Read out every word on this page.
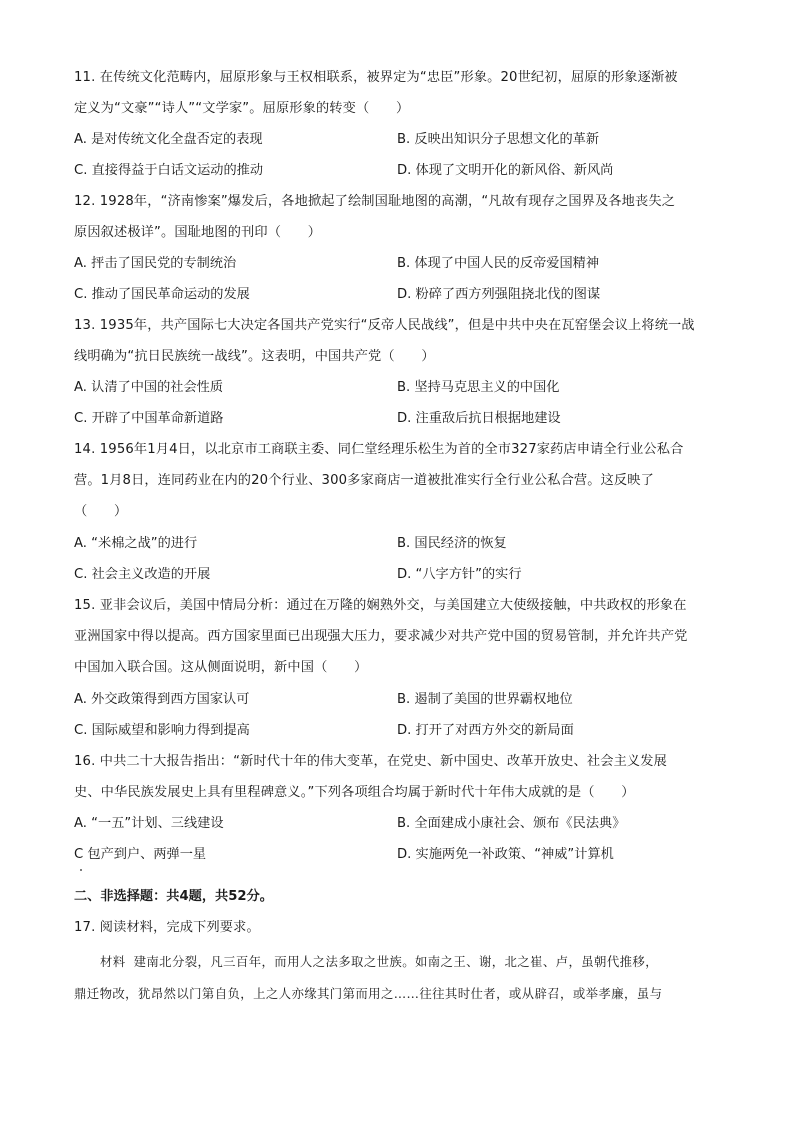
11. 在传统文化范畴内，屈原形象与王权相联系，被界定为“忠臣”形象。20世纪初，屈原的形象逐渐被

定义为“文豪”“诗人”“文学家”。屈原形象的转变（　　）

A. 是对传统文化全盘否定的表现	B. 反映出知识分子思想文化的革新
C. 直接得益于白话文运动的推动	D. 体现了文明开化的新风俗、新风尚

12. 1928年，“济南惨案”爆发后，各地掀起了绘制国耻地图的高潮，“凡故有现存之国界及各地丧失之

原因叙述极详”。国耻地图的刊印（　　）

A. 抨击了国民党的专制统治	B. 体现了中国人民的反帝爱国精神
C. 推动了国民革命运动的发展	D. 粉碎了西方列强阻挠北伐的图谋

13. 1935年，共产国际七大决定各国共产党实行“反帝人民战线”，但是中共中央在瓦窑堡会议上将统一战

线明确为“抗日民族统一战线”。这表明，中国共产党（　　）

A. 认清了中国的社会性质	B. 坚持马克思主义的中国化
C. 开辟了中国革命新道路	D. 注重敌后抗日根据地建设

14. 1956年1月4日，以北京市工商联主委、同仁堂经理乐松生为首的全市327家药店申请全行业公私合

营。1月8日，连同药业在内的20个行业、300多家商店一道被批准实行全行业公私合营。这反映了

（　　）

A. “米棉之战”的进行	B. 国民经济的恢复
C. 社会主义改造的开展	D. “八字方针”的实行

15. 亚非会议后，美国中情局分析：通过在万隆的娴熟外交，与美国建立大使级接触，中共政权的形象在

亚洲国家中得以提高。西方国家里面已出现强大压力，要求减少对共产党中国的贸易管制，并允许共产党

中国加入联合国。这从侧面说明，新中国（　　）

A. 外交政策得到西方国家认可	B. 遏制了美国的世界霸权地位
C. 国际威望和影响力得到提高	D. 打开了对西方外交的新局面

16. 中共二十大报告指出：“新时代十年的伟大变革，在党史、新中国史、改革开放史、社会主义发展

史、中华民族发展史上具有里程碑意义。”下列各项组合均属于新时代十年伟大成就的是（　　）

A. “一五”计划、三线建设	B. 全面建成小康社会、颁布《民法典》
C 包产到户、两弹一星	D. 实施两免一补政策、“神威”计算机
二、非选择题：共4题，共52分。

17. 阅读材料，完成下列要求。

材料 建南北分裂，凡三百年，而用人之法多取之世族。如南之王、谢，北之崔、卢，虽朝代推移，

鼎迁物改，犹昂然以门第自负，上之人亦缘其门第而用之……往往其时仕者，或从辟召，或举孝廉，虽与
